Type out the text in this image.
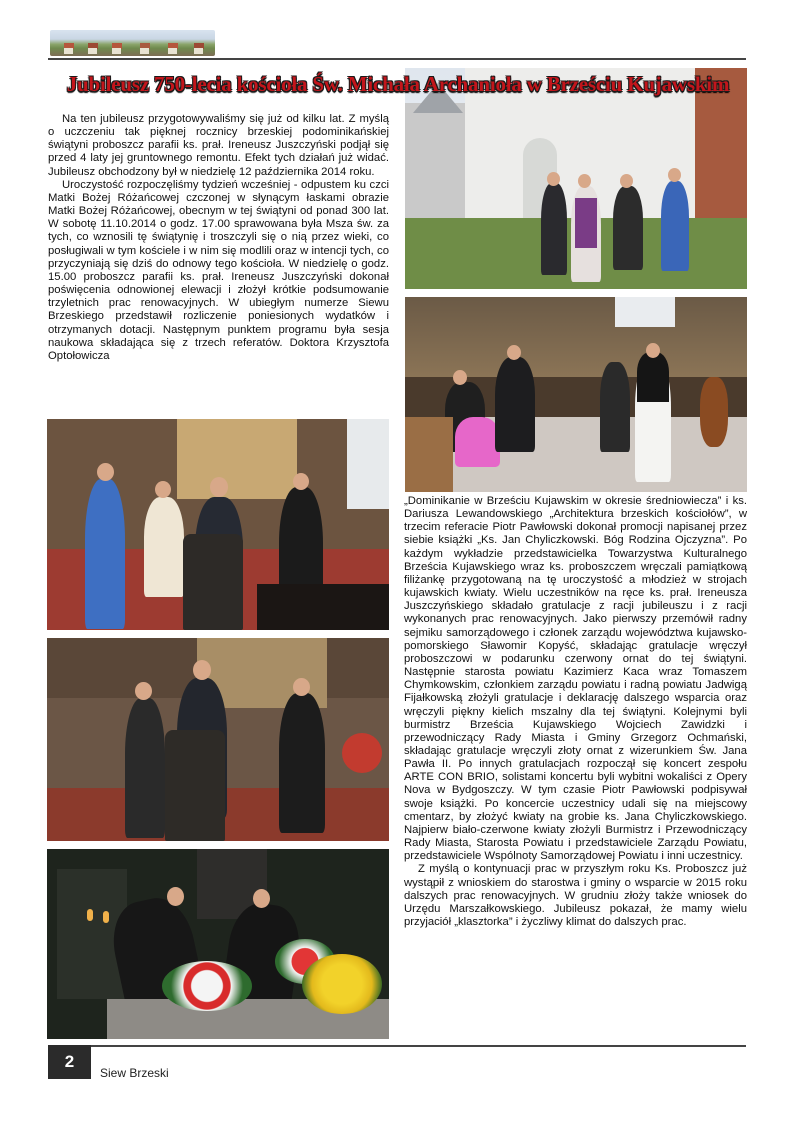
Jubileusz 750-lecia kościoła Św. Michała Archanioła w Brześciu Kujawskim

Na ten jubileusz przygotowywaliśmy się już od kilku lat. Z myślą o uczczeniu tak pięknej rocznicy brzeskiej podominikańskiej świątyni proboszcz parafii ks. prał. Ireneusz Juszczyński podjął się przed 4 laty jej gruntownego remontu. Efekt tych działań już widać. Jubileusz obchodzony był w niedzielę 12 października 2014 roku.

Uroczystość rozpoczęliśmy tydzień wcześniej - odpustem ku czci Matki Bożej Różańcowej czczonej w słynącym łaskami obrazie Matki Bożej Różańcowej, obecnym w tej świątyni od ponad 300 lat. W sobotę 11.10.2014 o godz. 17.00 sprawowana była Msza św. za tych, co wznosili tę świątynię i troszczyli się o nią przez wieki, co posługiwali w tym kościele i w nim się modlili oraz w intencji tych, co przyczyniają się dziś do odnowy tego kościoła. W niedzielę o godz. 15.00 proboszcz parafii ks. prał. Ireneusz Juszczyński dokonał poświęcenia odnowionej elewacji i złożył krótkie podsumowanie trzyletnich prac renowacyjnych. W ubiegłym numerze Siewu Brzeskiego przedstawił rozliczenie poniesionych wydatków i otrzymanych dotacji. Następnym punktem programu była sesja naukowa składająca się z trzech referatów. Doktora Krzysztofa Optołowicza

„Dominikanie w Brześciu Kujawskim w okresie średniowiecza” i ks. Dariusza Lewandowskiego „Architektura brzeskich kościołów”, w trzecim referacie Piotr Pawłowski dokonał promocji napisanej przez siebie książki „Ks. Jan Chyliczkowski. Bóg Rodzina Ojczyzna”. Po każdym wykładzie przedstawicielka Towarzystwa Kulturalnego Brześcia Kujawskiego wraz ks. proboszczem wręczali pamiątkową filiżankę przygotowaną na tę uroczystość a młodzież w strojach kujawskich kwiaty. Wielu uczestników na ręce ks. prał. Ireneusza Juszczyńskiego składało gratulacje z racji jubileuszu i z racji wykonanych prac renowacyjnych. Jako pierwszy przemówił radny sejmiku samorządowego i członek zarządu województwa kujawsko-pomorskiego Sławomir Kopyść, składając gratulacje wręczył proboszczowi w podarunku czerwony ornat do tej świątyni. Następnie starosta powiatu Kazimierz Kaca wraz Tomaszem Chymkowskim, członkiem zarządu powiatu i radną powiatu Jadwigą Fijałkowską złożyli gratulacje i deklarację dalszego wsparcia oraz wręczyli piękny kielich mszalny dla tej świątyni. Kolejnymi byli burmistrz Brześcia Kujawskiego Wojciech Zawidzki i przewodniczący Rady Miasta i Gminy Grzegorz Ochmański, składając gratulacje wręczyli złoty ornat z wizerunkiem Św. Jana Pawła II. Po innych gratulacjach rozpoczął się koncert zespołu ARTE CON BRIO, solistami koncertu byli wybitni wokaliści z Opery Nova w Bydgoszczy. W tym czasie Piotr Pawłowski podpisywał swoje książki. Po koncercie uczestnicy udali się na miejscowy cmentarz, by złożyć kwiaty na grobie ks. Jana Chyliczkowskiego. Najpierw biało-czerwone kwiaty złożyli Burmistrz i Przewodniczący Rady Miasta, Starosta Powiatu i przedstawiciele Zarządu Powiatu, przedstawiciele Wspólnoty Samorządowej Powiatu i inni uczestnicy.

Z myślą o kontynuacji prac w przyszłym roku Ks. Proboszcz już wystąpił z wnioskiem do starostwa i gminy o wsparcie w 2015 roku dalszych prac renowacyjnych. W grudniu złoży także wniosek do Urzędu Marszałkowskiego. Jubileusz pokazał, że mamy wielu przyjaciół „klasztorka” i życzliwy klimat do dalszych prac.

2
Siew Brzeski
